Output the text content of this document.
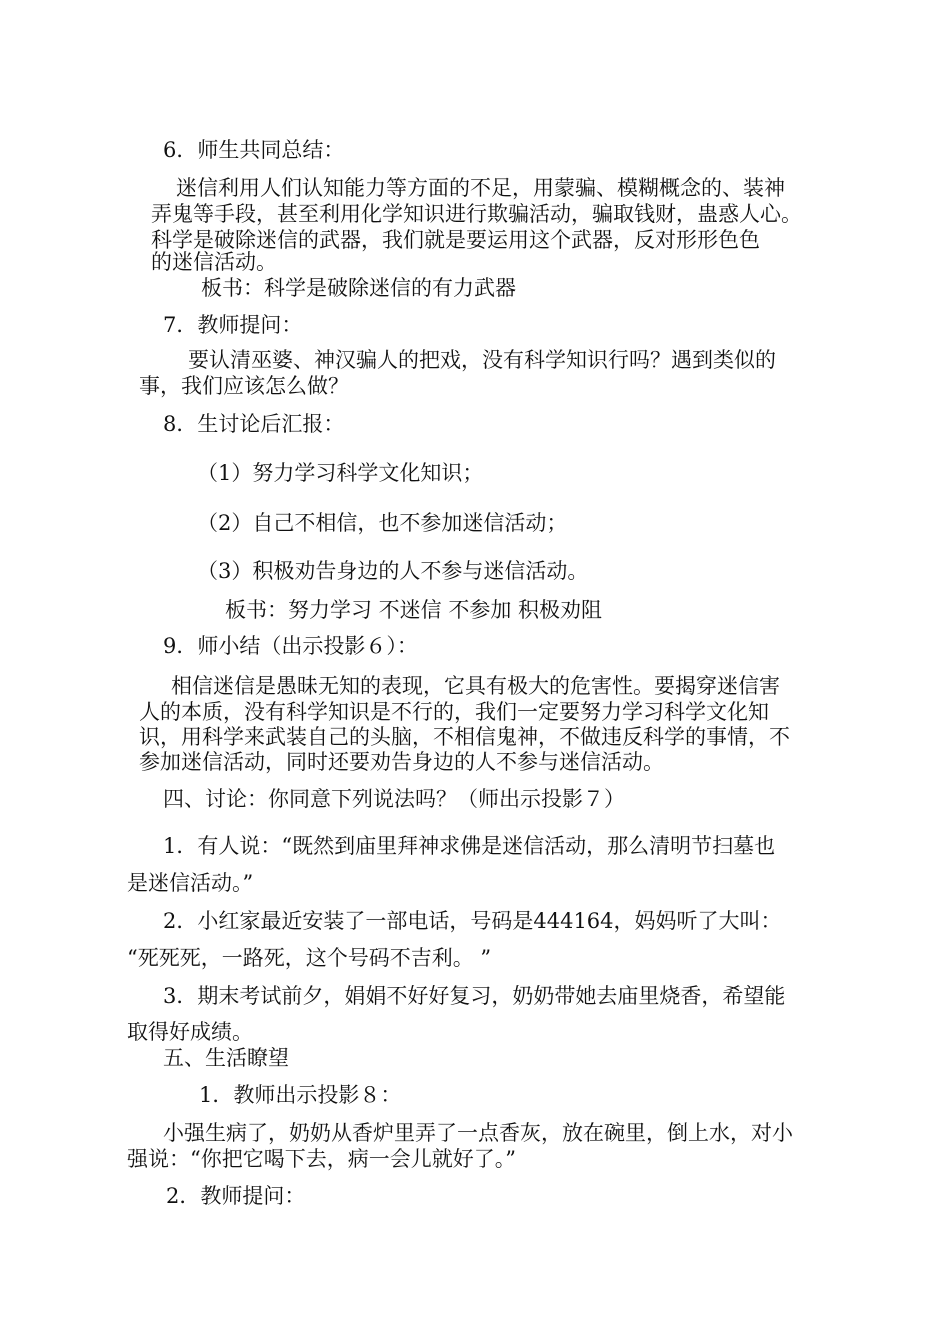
6．师生共同总结：

迷信利用人们认知能力等方面的不足，用蒙骗、模糊概念的、装神

弄鬼等手段，甚至利用化学知识进行欺骗活动，骗取钱财，蛊惑人心。

科学是破除迷信的武器，我们就是要运用这个武器，反对形形色色

的迷信活动。

板书：科学是破除迷信的有力武器

7．教师提问：

要认清巫婆、神汉骗人的把戏，没有科学知识行吗？遇到类似的

事，我们应该怎么做？

8．生讨论后汇报：

（1）努力学习科学文化知识；

（2）自己不相信，也不参加迷信活动；

（3）积极劝告身边的人不参与迷信活动。

板书：努力学习 不迷信 不参加 积极劝阻

9．师小结（出示投影６）：

相信迷信是愚昧无知的表现，它具有极大的危害性。要揭穿迷信害

人的本质，没有科学知识是不行的，我们一定要努力学习科学文化知

识，用科学来武装自己的头脑，不相信鬼神，不做违反科学的事情，不

参加迷信活动，同时还要劝告身边的人不参与迷信活动。

四、讨论：你同意下列说法吗？（师出示投影７）

1．有人说：“既然到庙里拜神求佛是迷信活动，那么清明节扫墓也

是迷信活动。”

2．小红家最近安装了一部电话，号码是444164，妈妈听了大叫：

“死死死，一路死，这个号码不吉利。 ”

3．期末考试前夕，娟娟不好好复习，奶奶带她去庙里烧香，希望能

取得好成绩。

五、生活瞭望

1．教师出示投影８：

小强生病了，奶奶从香炉里弄了一点香灰，放在碗里，倒上水，对小

强说：“你把它喝下去，病一会儿就好了。”

2．教师提问：
